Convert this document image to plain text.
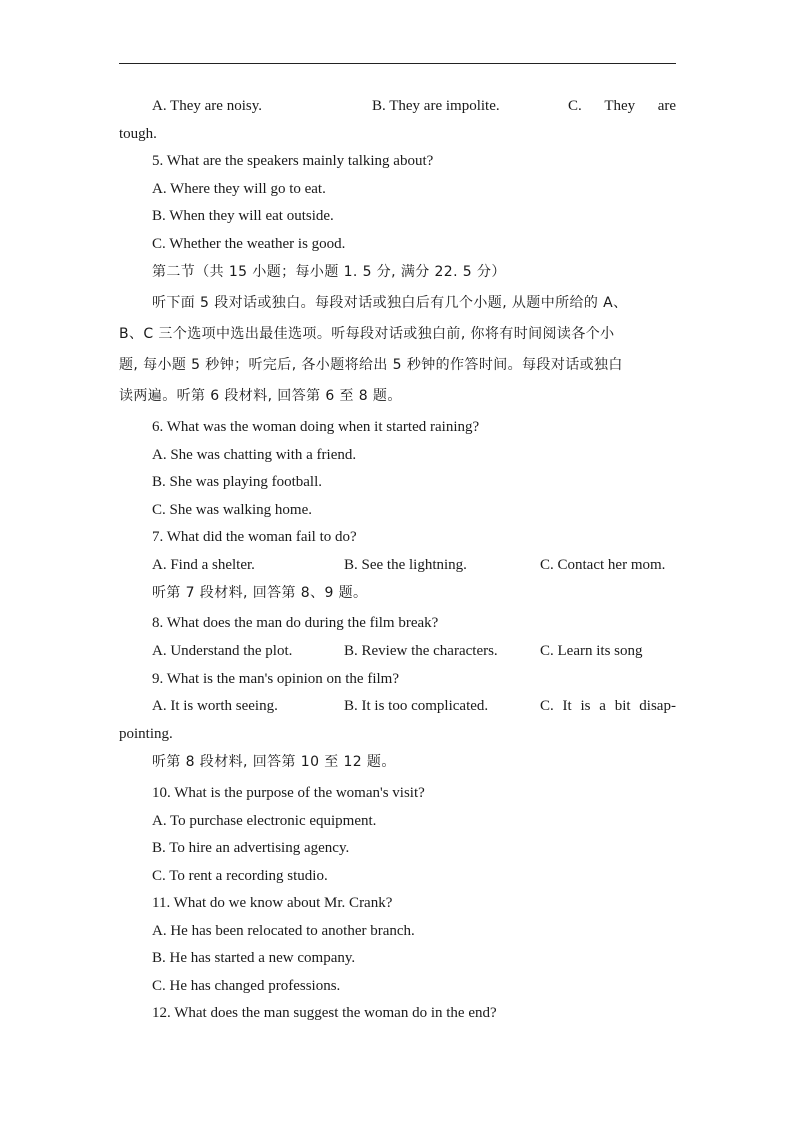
A. They are noisy.	B. They are impolite.	C. They are
tough.
5. What are the speakers mainly talking about?
A. Where they will go to eat.
B. When they will eat outside.
C. Whether the weather is good.
第二节（共 15 小题；每小题 1. 5 分, 满分 22. 5 分）
听下面 5 段对话或独白。每段对话或独白后有几个小题, 从题中所给的 A、
B、C 三个选项中选出最佳选项。听每段对话或独白前, 你将有时间阅读各个小
题, 每小题 5 秒钟；听完后, 各小题将给出 5 秒钟的作答时间。每段对话或独白
读两遍。听第 6 段材料, 回答第 6 至 8 题。
6. What was the woman doing when it started raining?
A. She was chatting with a friend.
B. She was playing football.
C. She was walking home.
7. What did the woman fail to do?
A. Find a shelter.	B. See the lightning.	C. Contact her mom.
听第 7 段材料, 回答第 8、9 题。
8. What does the man do during the film break?
A. Understand the plot.	B. Review the characters.	C. Learn its song
9. What is the man's opinion on the film?
A. It is worth seeing.	B. It is too complicated.	C. It is a bit disap-
pointing.
听第 8 段材料, 回答第 10 至 12 题。
10. What is the purpose of the woman's visit?
A. To purchase electronic equipment.
B. To hire an advertising agency.
C. To rent a recording studio.
11. What do we know about Mr. Crank?
A. He has been relocated to another branch.
B. He has started a new company.
C. He has changed professions.
12. What does the man suggest the woman do in the end?
